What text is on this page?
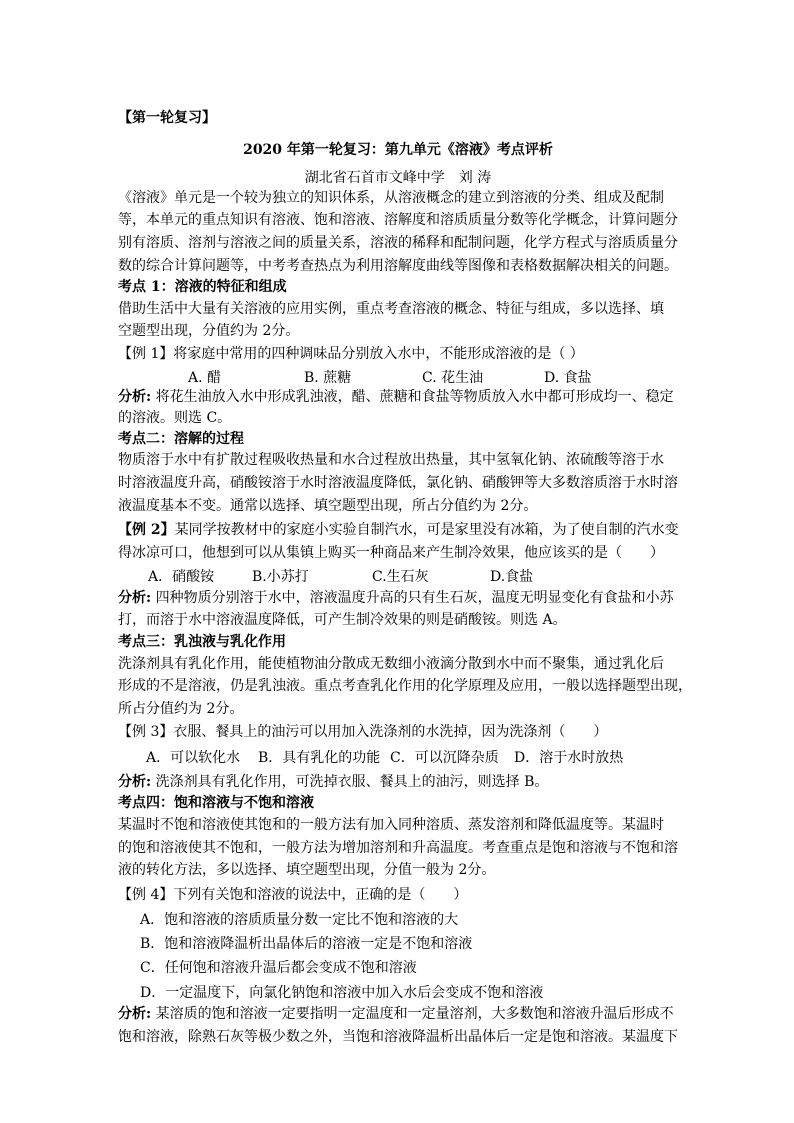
【第一轮复习】
2020 年第一轮复习：第九单元《溶液》考点评析
湖北省石首市文峰中学　刘 涛
《溶液》单元是一个较为独立的知识体系，从溶液概念的建立到溶液的分类、组成及配制
等，本单元的重点知识有溶液、饱和溶液、溶解度和溶质质量分数等化学概念，计算问题分
别有溶质、溶剂与溶液之间的质量关系，溶液的稀释和配制问题，化学方程式与溶质质量分
数的综合计算问题等，中考考查热点为利用溶解度曲线等图像和表格数据解决相关的问题。
考点 1：溶液的特征和组成
借助生活中大量有关溶液的应用实例，重点考查溶液的概念、特征与组成，多以选择、填
空题型出现，分值约为 2分。
【例 1】将家庭中常用的四种调味品分别放入水中，不能形成溶液的是（ ）
A. 醋	B. 蔗糖	C. 花生油	D. 食盐
分析: 将花生油放入水中形成乳浊液，醋、蔗糖和食盐等物质放入水中都可形成均一、稳定
的溶液。则选 C。
考点二：溶解的过程
物质溶于水中有扩散过程吸收热量和水合过程放出热量，其中氢氧化钠、浓硫酸等溶于水
时溶液温度升高，硝酸铵溶于水时溶液温度降低，氯化钠、硝酸钾等大多数溶质溶于水时溶
液温度基本不变。通常以选择、填空题型出现，所占分值约为 2分。
【例 2】某同学按教材中的家庭小实验自制汽水，可是家里没有冰箱，为了使自制的汽水变
得冰凉可口，他想到可以从集镇上购买一种商品来产生制冷效果，他应该买的是（　　）
A．硝酸铵	B.小苏打	C.生石灰	D.食盐
分析: 四种物质分别溶于水中，溶液温度升高的只有生石灰，温度无明显变化有食盐和小苏
打，而溶于水中溶液温度降低，可产生制冷效果的则是硝酸铵。则选 A。
考点三：乳浊液与乳化作用
洗涤剂具有乳化作用，能使植物油分散成无数细小液滴分散到水中而不聚集，通过乳化后
形成的不是溶液，仍是乳浊液。重点考查乳化作用的化学原理及应用，一般以选择题型出现，
所占分值约为 2分。
【例 3】衣服、餐具上的油污可以用加入洗涤剂的水洗掉，因为洗涤剂（　　）
A．可以软化水 B．具有乳化的功能 C．可以沉降杂质 D．溶于水时放热
分析: 洗涤剂具有乳化作用，可洗掉衣服、餐具上的油污，则选择 B。
考点四：饱和溶液与不饱和溶液
某温时不饱和溶液使其饱和的一般方法有加入同种溶质、蒸发溶剂和降低温度等。某温时
的饱和溶液使其不饱和，一般方法为增加溶剂和升高温度。考查重点是饱和溶液与不饱和溶
液的转化方法，多以选择、填空题型出现，分值一般为 2分。
【例 4】下列有关饱和溶液的说法中，正确的是（　　）
A．饱和溶液的溶质质量分数一定比不饱和溶液的大
B．饱和溶液降温析出晶体后的溶液一定是不饱和溶液
C．任何饱和溶液升温后都会变成不饱和溶液
D．一定温度下，向氯化钠饱和溶液中加入水后会变成不饱和溶液
分析: 某溶质的饱和溶液一定要指明一定温度和一定量溶剂，大多数饱和溶液升温后形成不
饱和溶液，除熟石灰等极少数之外，当饱和溶液降温析出晶体后一定是饱和溶液。某温度下
